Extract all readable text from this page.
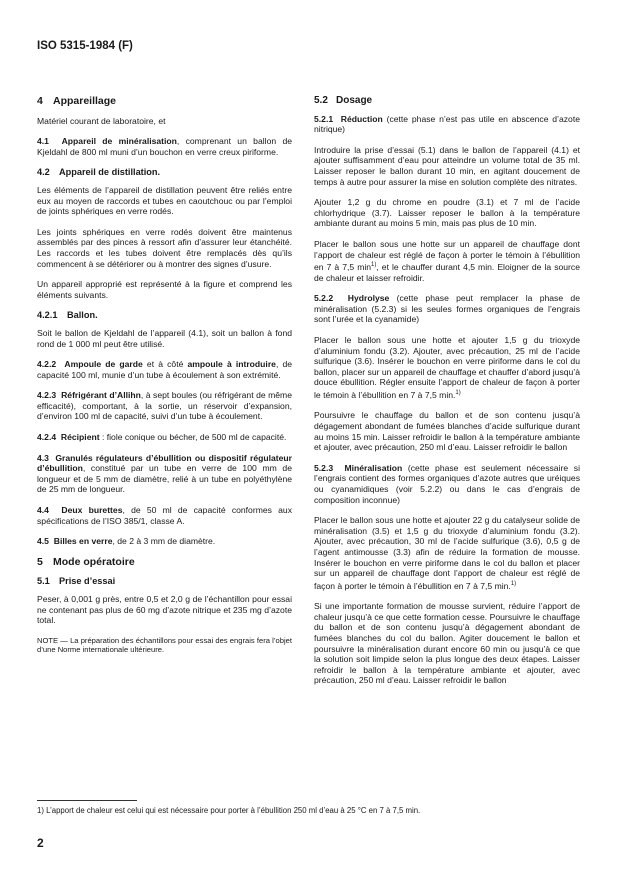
ISO 5315-1984 (F)
4 Appareillage

Matériel courant de laboratoire, et

4.1 Appareil de minéralisation, comprenant un ballon de Kjeldahl de 800 ml muni d’un bouchon en verre creux piriforme.

4.2 Appareil de distillation.

Les éléments de l’appareil de distillation peuvent être reliés entre eux au moyen de raccords et tubes en caoutchouc ou par l’emploi de joints sphériques en verre rodés.

Les joints sphériques en verre rodés doivent être maintenus assemblés par des pinces à ressort afin d’assurer leur étanchéité. Les raccords et les tubes doivent être remplacés dès qu’ils commencent à se détériorer ou à montrer des signes d’usure.

Un appareil approprié est représenté à la figure et comprend les éléments suivants.

4.2.1 Ballon.

Soit le ballon de Kjeldahl de l’appareil (4.1), soit un ballon à fond rond de 1 000 ml peut être utilisé.

4.2.2 Ampoule de garde et à côté ampoule à introduire, de capacité 100 ml, munie d’un tube à écoulement à son extrémité.

4.2.3 Réfrigérant d’Allihn, à sept boules (ou réfrigérant de même efficacité), comportant, à la sortie, un réservoir d’expansion, d’environ 100 ml de capacité, suivi d’un tube à écoulement.

4.2.4 Récipient : fiole conique ou bécher, de 500 ml de capacité.

4.3 Granulés régulateurs d’ébullition ou dispositif régulateur d’ébullition, constitué par un tube en verre de 100 mm de longueur et de 5 mm de diamètre, relié à un tube en polyéthylène de 25 mm de longueur.

4.4 Deux burettes, de 50 ml de capacité conformes aux spécifications de l’ISO 385/1, classe A.

4.5 Billes en verre, de 2 à 3 mm de diamètre.

5 Mode opératoire
5.1 Prise d’essai

Peser, à 0,001 g près, entre 0,5 et 2,0 g de l’échantillon pour essai ne contenant pas plus de 60 mg d’azote nitrique et 235 mg d’azote total.

NOTE — La préparation des échantillons pour essai des engrais fera l’objet d’une Norme internationale ultérieure.

5.2 Dosage

5.2.1 Réduction (cette phase n’est pas utile en abscence d’azote nitrique)

Introduire la prise d’essai (5.1) dans le ballon de l’appareil (4.1) et ajouter suffisamment d’eau pour atteindre un volume total de 35 ml. Laisser reposer le ballon durant 10 min, en agitant doucement de temps à autre pour assurer la mise en solution complète des nitrates.

Ajouter 1,2 g du chrome en poudre (3.1) et 7 ml de l’acide chlorhydrique (3.7). Laisser reposer le ballon à la température ambiante durant au moins 5 min, mais pas plus de 10 min.

Placer le ballon sous une hotte sur un appareil de chauffage dont l’apport de chaleur est réglé de façon à porter le témoin à l’ébullition en 7 à 7,5 $\min^{1)}$, et le chauffer durant 4,5 min. Eloigner de la source de chaleur et laisser refroidir.

5.2.2 Hydrolyse (cette phase peut remplacer la phase de minéralisation (5.2.3) si les seules formes organiques de l’engrais sont l’urée et la cyanamide)

Placer le ballon sous une hotte et ajouter 1,5 g du trioxyde d’aluminium fondu (3.2). Ajouter, avec précaution, 25 ml de l’acide sulfurique (3.6). Insérer le bouchon en verre piriforme dans le col du ballon, placer sur un appareil de chauffage et chauffer d’abord jusqu’à douce ébullition. Régler ensuite l’apport de chaleur de façon à porter le témoin à l’ébullition en 7 à 7,5 min.$^{1)}$

Poursuivre le chauffage du ballon et de son contenu jusqu’à dégagement abondant de fumées blanches d’acide sulfurique durant au moins 15 min. Laisser refroidir le ballon à la température ambiante et ajouter, avec précaution, 250 ml d’eau. Laisser refroidir le ballon

5.2.3 Minéralisation (cette phase est seulement nécessaire si l’engrais contient des formes organiques d’azote autres que uréiques ou cyanamidiques (voir 5.2.2) ou dans le cas d’engrais de composition inconnue)

Placer le ballon sous une hotte et ajouter 22 g du catalyseur solide de minéralisation (3.5) et 1,5 g du trioxyde d’aluminium fondu (3.2). Ajouter, avec précaution, 30 ml de l’acide sulfurique (3.6), 0,5 g de l’agent antimousse (3.3) afin de réduire la formation de mousse. Insérer le bouchon en verre piriforme dans le col du ballon et placer sur un appareil de chauffage dont l’apport de chaleur est réglé de façon à porter le témoin à l’ébullition en 7 à 7,5 min.$^{1)}$

Si une importante formation de mousse survient, réduire l’apport de chaleur jusqu’à ce que cette formation cesse. Poursuivre le chauffage du ballon et de son contenu jusqu’à dégagement abondant de fumées blanches du col du ballon. Agiter doucement le ballon et poursuivre la minéralisation durant encore 60 min ou jusqu’à ce que la solution soit limpide selon la plus longue des deux étapes. Laisser refroidir le ballon à la température ambiante et ajouter, avec précaution, 250 ml d’eau. Laisser refroidir le ballon

1) L’apport de chaleur est celui qui est nécessaire pour porter à l’ébullition 250 ml d’eau à 25 °C en 7 à 7,5 min.
2
